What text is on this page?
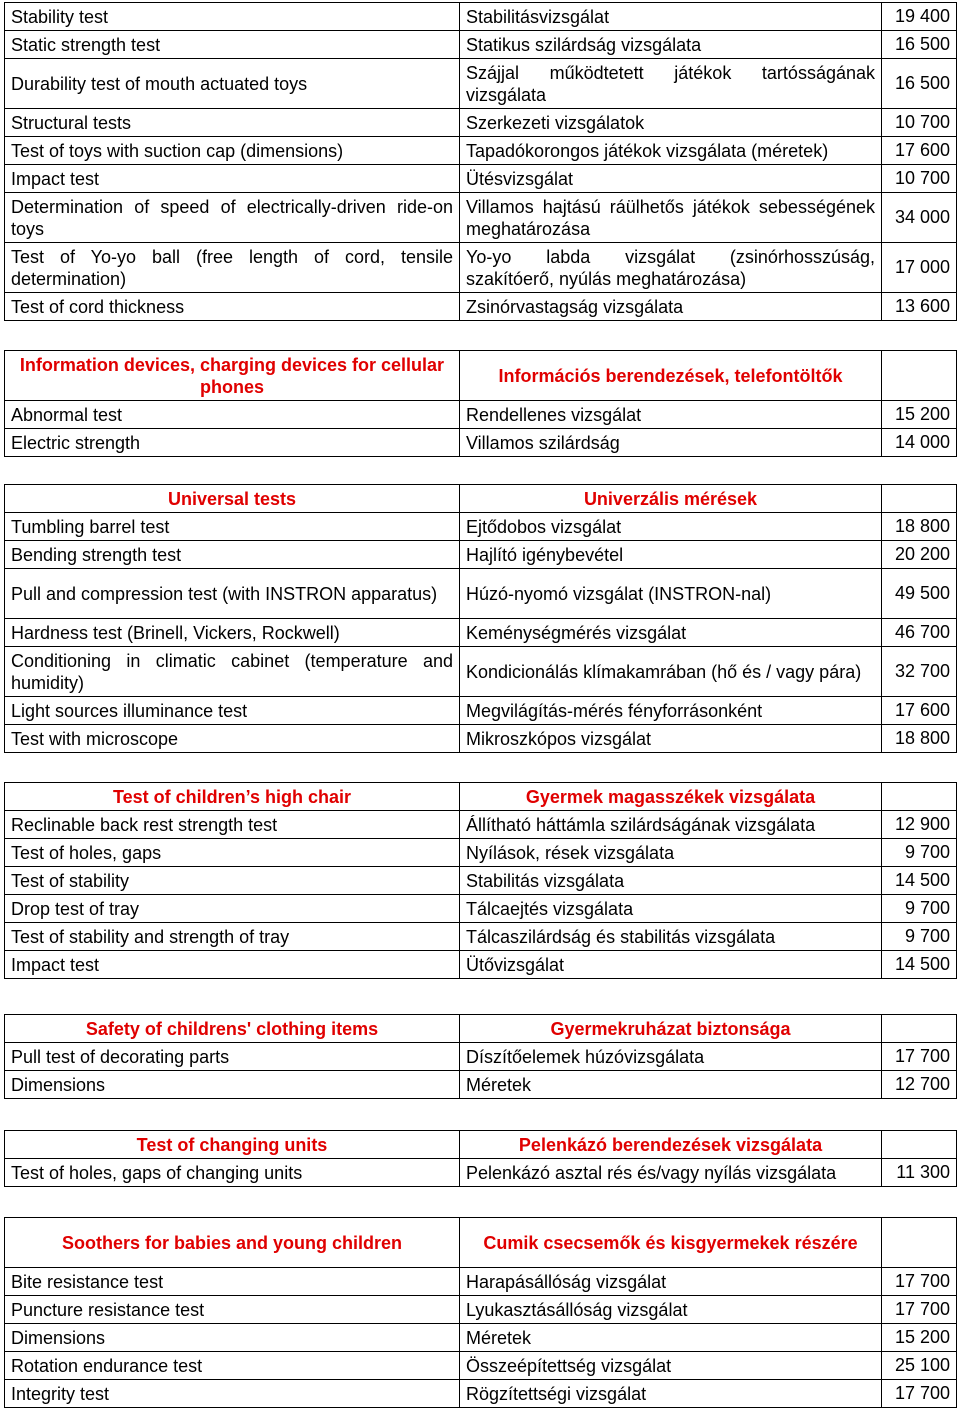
Stability test	Stabilitásvizsgálat	19 400
Static strength test	Statikus szilárdság vizsgálata	16 500
Durability test of mouth actuated toys	Szájjal működtetett játékok tartósságának vizsgálata	16 500
Structural tests	Szerkezeti vizsgálatok	10 700
Test of toys with suction cap (dimensions)	Tapadókorongos játékok vizsgálata (méretek)	17 600
Impact test	Ütésvizsgálat	10 700
Determination of speed of electrically-driven ride-on toys	Villamos hajtású ráülhetős játékok sebességének meghatározása	34 000
Test of Yo-yo ball (free length of cord, tensile determination)	Yo-yo labda vizsgálat (zsinórhosszúság, szakítóerő, nyúlás meghatározása)	17 000
Test of cord thickness	Zsinórvastagság vizsgálata	13 600
Information devices, charging devices for cellular phones	Információs berendezések, telefontöltők	
Abnormal test	Rendellenes vizsgálat	15 200
Electric strength	Villamos szilárdság	14 000
Universal tests	Univerzális mérések	
Tumbling barrel test	Ejtődobos vizsgálat	18 800
Bending strength test	Hajlító igénybevétel	20 200
Pull and compression test (with INSTRON apparatus)	Húzó-nyomó vizsgálat (INSTRON-nal)	49 500
Hardness test (Brinell, Vickers, Rockwell)	Keménységmérés vizsgálat	46 700
Conditioning in climatic cabinet (temperature and humidity)	Kondicionálás klímakamrában (hő és / vagy pára)	32 700
Light sources illuminance test	Megvilágítás-mérés fényforrásonként	17 600
Test with microscope	Mikroszkópos vizsgálat	18 800
Test of children’s high chair	Gyermek magasszékek vizsgálata	
Reclinable back rest strength test	Állítható háttámla szilárdságának vizsgálata	12 900
Test of holes, gaps	Nyílások, rések vizsgálata	9 700
Test of stability	Stabilitás vizsgálata	14 500
Drop test of tray	Tálcaejtés vizsgálata	9 700
Test of stability and strength of tray	Tálcaszilárdság és stabilitás vizsgálata	9 700
Impact test	Ütővizsgálat	14 500
Safety of childrens' clothing items	Gyermekruházat biztonsága	
Pull test of decorating parts	Díszítőelemek húzóvizsgálata	17 700
Dimensions	Méretek	12 700
Test of changing units	Pelenkázó berendezések vizsgálata	
Test of holes, gaps of changing units	Pelenkázó asztal rés és/vagy nyílás vizsgálata	11 300
Soothers for babies and young children	Cumik csecsemők és kisgyermekek részére	
Bite resistance test	Harapásállóság vizsgálat	17 700
Puncture resistance test	Lyukasztásállóság vizsgálat	17 700
Dimensions	Méretek	15 200
Rotation endurance test	Összeépítettség vizsgálat	25 100
Integrity test	Rögzítettségi vizsgálat	17 700
